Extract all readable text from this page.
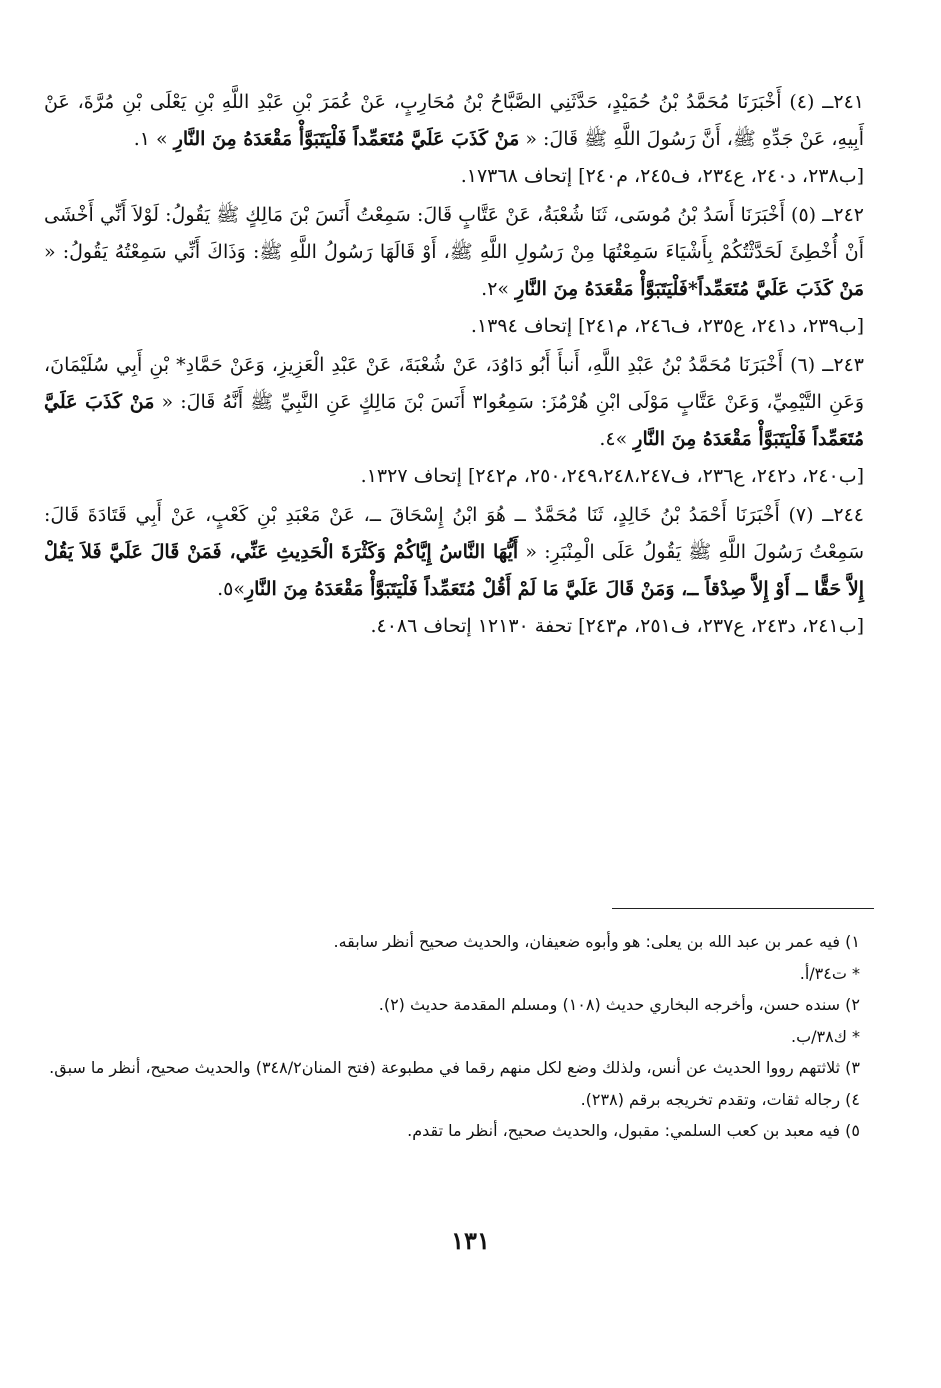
٢٤١ــ (٤) أَخْبَرَنَا مُحَمَّدُ بْنُ حُمَيْدٍ، حَدَّثَنِي الصَّبَّاحُ بْنُ مُحَارِبٍ، عَنْ عُمَرَ بْنِ عَبْدِ اللَّهِ بْنِ يَعْلَى بْنِ مُرَّةَ، عَنْ أَبِيهِ، عَنْ جَدِّهِ ﷺ، أَنَّ رَسُولَ اللَّهِ ﷺ قَالَ: « مَنْ كَذَبَ عَلَيَّ مُتَعَمِّداً فَلْيَتَبَوَّأْ مَقْعَدَهُ مِنَ النَّارِ » ١.

[ب٢٣٨، د٢٤٠، ع٢٣٤، ف٢٤٥، م٢٤٠] إتحاف ١٧٣٦٨.

٢٤٢ــ (٥) أَخْبَرَنَا أَسَدُ بْنُ مُوسَى، ثَنَا شُعْبَةُ، عَنْ عَتَّابٍ قَالَ: سَمِعْتُ أَنَسَ بْنَ مَالِكٍ ﷺ يَقُولُ: لَوْلاَ أَنِّي أَخْشَى أَنْ أُخْطِئَ لَحَدَّثْتُكُمْ بِأَشْيَاءَ سَمِعْتُهَا مِنْ رَسُولِ اللَّهِ ﷺ، أَوْ قَالَهَا رَسُولُ اللَّهِ ﷺ: وَذَاكَ أَنِّي سَمِعْتُهُ يَقُولُ: « مَنْ كَذَبَ عَلَيَّ مُتَعَمِّداً*فَلْيَتَبَوَّأْ مَقْعَدَهُ مِنَ النَّارِ »٢.

[ب٢٣٩، د٢٤١، ع٢٣٥، ف٢٤٦، م٢٤١] إتحاف ١٣٩٤.

٢٤٣ــ (٦) أَخْبَرَنَا مُحَمَّدُ بْنُ عَبْدِ اللَّهِ، أَنبأَ أَبُو دَاوُدَ، عَنْ شُعْبَةَ، عَنْ عَبْدِ الْعَزِيزِ، وَعَنْ حَمَّادِ* بْنِ أَبِي سُلَيْمَانَ، وَعَنِ التَّيْمِيِّ، وَعَنْ عَتَّابٍ مَوْلَى ابْنِ هُرْمُزَ: سَمِعُوا٣ أَنَسَ بْنَ مَالِكٍ عَنِ النَّبِيِّ ﷺ أَنَّهُ قَالَ: « مَنْ كَذَبَ عَلَيَّ مُتَعَمِّداً فَلْيَتَبَوَّأْ مَقْعَدَهُ مِنَ النَّارِ »٤.

[ب٢٤٠، د٢٤٢، ع٢٣٦، ف٢٥٠،٢٤٩،٢٤٨،٢٤٧، م٢٤٢] إتحاف ١٣٢٧.

٢٤٤ــ (٧) أَخْبَرَنَا أَحْمَدُ بْنُ خَالِدٍ، ثَنَا مُحَمَّدٌ ــ هُوَ ابْنُ إِسْحَاقَ ــ، عَنْ مَعْبَدِ بْنِ كَعْبٍ، عَنْ أَبِي قَتَادَةَ قَالَ: سَمِعْتُ رَسُولَ اللَّهِ ﷺ يَقُولُ عَلَى الْمِنْبَرِ: « أَيُّهَا النَّاسُ إِيَّاكُمْ وَكَثْرَةَ الْحَدِيثِ عَنِّي، فَمَنْ قَالَ عَلَيَّ فَلاَ يَقُلْ إِلاَّ حَقًّا ــ أَوْ إِلاَّ صِدْقاً ــ، وَمَنْ قَالَ عَلَيَّ مَا لَمْ أَقُلْ مُتَعَمِّداً فَلْيَتَبَوَّأْ مَقْعَدَهُ مِنَ النَّارِ»٥.

[ب٢٤١، د٢٤٣، ع٢٣٧، ف٢٥١، م٢٤٣] تحفة ١٢١٣٠ إتحاف ٤٠٨٦.

١) فيه عمر بن عبد الله بن يعلى: هو وأبوه ضعيفان، والحديث صحيح أنظر سابقه.

* ت٣٤/أ.

٢) سنده حسن، وأخرجه البخاري حديث (١٠٨) ومسلم المقدمة حديث (٢).

* ك٣٨/ب.

٣) ثلاثتهم رووا الحديث عن أنس، ولذلك وضع لكل منهم رقما في مطبوعة (فتح المنان٣٤٨/٢) والحديث صحيح، أنظر ما سبق.

٤) رجاله ثقات، وتقدم تخريجه برقم (٢٣٨).

٥) فيه معبد بن كعب السلمي: مقبول، والحديث صحيح، أنظر ما تقدم.

١٣١
